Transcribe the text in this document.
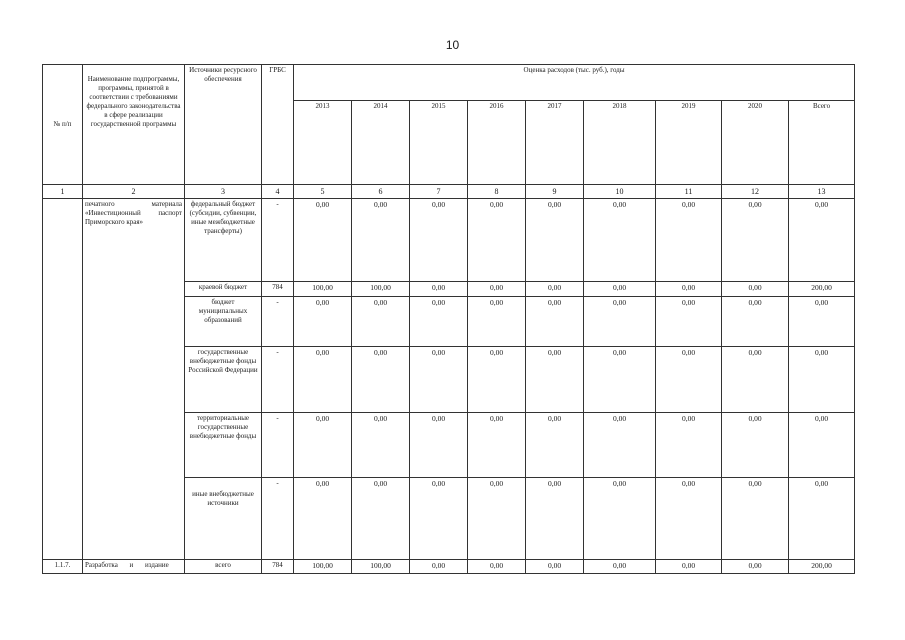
10
№ п/п	Наименование подпрограммы, программы, принятой в соответствии с требованиями федерального законодательства в сфере реализации государственной программы	Источники ресурсного обеспечения	ГРБС	Оценка расходов (тыс. руб.), годы								
				2013	2014	2015	2016	2017	2018	2019	2020	Всего
1	2	3	4	5	6	7	8	9	10	11	12	13
	печатного материала «Инвестиционный паспорт Приморского края»	федеральный бюджет (субсидии, субвенции, иные межбюджетные трансферты)	-	0,00	0,00	0,00	0,00	0,00	0,00	0,00	0,00	0,00
		краевой бюджет	784	100,00	100,00	0,00	0,00	0,00	0,00	0,00	0,00	200,00
		бюджет муниципальных образований	-	0,00	0,00	0,00	0,00	0,00	0,00	0,00	0,00	0,00
		государственные внебюджетные фонды Российской Федерации	-	0,00	0,00	0,00	0,00	0,00	0,00	0,00	0,00	0,00
		территориальные государственные внебюджетные фонды	-	0,00	0,00	0,00	0,00	0,00	0,00	0,00	0,00	0,00
		иные внебюджетные источники	-	0,00	0,00	0,00	0,00	0,00	0,00	0,00	0,00	0,00
1.1.7.	Разработка и издание	всего	784	100,00	100,00	0,00	0,00	0,00	0,00	0,00	0,00	200,00
